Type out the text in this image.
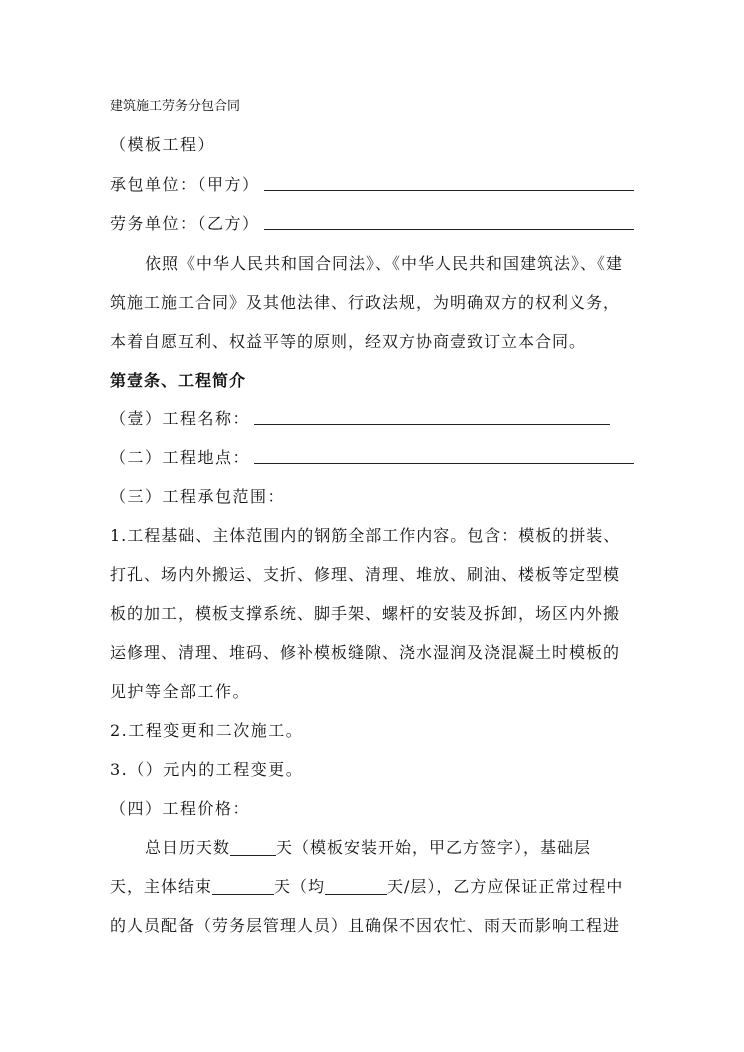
建筑施工劳务分包合同
（模板工程）
承包单位：（甲方）
劳务单位：（乙方）
依照《中华人民共和国合同法》、《中华人民共和国建筑法》、《建
筑施工施工合同》及其他法律、行政法规，为明确双方的权利义务，
本着自愿互利、权益平等的原则，经双方协商壹致订立本合同。
第壹条、工程简介
（壹）工程名称：
（二）工程地点：
（三）工程承包范围：
1.工程基础、主体范围内的钢筋全部工作内容。包含：模板的拼装、
打孔、场内外搬运、支折、修理、清理、堆放、刷油、楼板等定型模
板的加工，模板支撑系统、脚手架、螺杆的安装及拆卸，场区内外搬
运修理、清理、堆码、修补模板缝隙、浇水湿润及浇混凝土时模板的
见护等全部工作。
2.工程变更和二次施工。
3.（）元内的工程变更。
（四）工程价格：
总日历天数	天（模板安装开始，甲乙方签字），基础层
天，主体结束	天（均	天/层），乙方应保证正常过程中
的人员配备（劳务层管理人员）且确保不因农忙、雨天而影响工程进
